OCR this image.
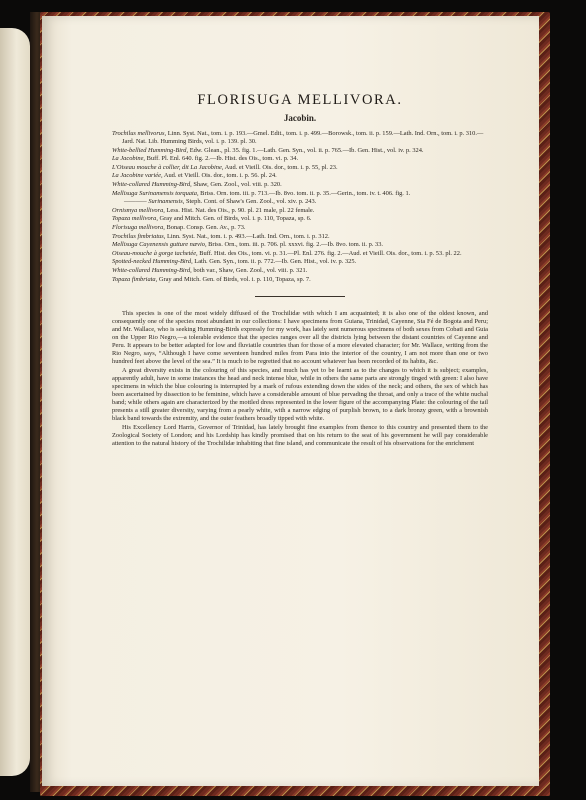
FLORISUGA MELLIVORA.
Jacobin.
Trochilus mellivorus, Linn. Syst. Nat., tom. i. p. 193.—Gmel. Edit., tom. i. p. 499.—Borowsk., tom. ii. p. 159.—Lath. Ind. Orn., tom. i. p. 310.—Jard. Nat. Lib. Humming Birds, vol. i. p. 139. pl. 30.
White-bellied Humming-Bird, Edw. Glean., pl. 35. fig. 1.—Lath. Gen. Syn., vol. ii. p. 765.—Ib. Gen. Hist., vol. iv. p. 324.
La Jacobine, Buff. Pl. Enl. 640. fig. 2.—Ib. Hist. des Ois., tom. vi. p. 34.
L'Oiseau mouche à collier, dit La Jacobine, Aud. et Vieill. Ois. dor., tom. i. p. 55, pl. 23.
La Jacobine variée, Aud. et Vieill. Ois. dor., tom. i. p. 56. pl. 24.
White-collared Humming-Bird, Shaw, Gen. Zool., vol. viii. p. 320.
Mellisuga Surinamensis torquata, Briss. Orn. tom. iii. p. 713.—Ib. 8vo. tom. ii. p. 35.—Gerin., tom. iv. t. 406. fig. 1.
———— Surinamensis, Steph. Cont. of Shaw's Gen. Zool., vol. xiv. p. 243.
Ornismya mellivora, Less. Hist. Nat. des Ois., p. 90. pl. 21 male, pl. 22 female.
Topaza mellivora, Gray and Mitch. Gen. of Birds, vol. i. p. 110, Topaza, sp. 6.
Florisuga mellivora, Bonap. Consp. Gen. Av., p. 73.
Trochilus fimbriatus, Linn. Syst. Nat., tom. i. p. 493.—Lath. Ind. Orn., tom. i. p. 312.
Mellisuga Cayenensis gutture nævio, Briss. Orn., tom. iii. p. 706. pl. xxxvi. fig. 2.—Ib. 8vo. tom. ii. p. 33.
Oiseau-mouche à gorge tachetée, Buff. Hist. des Ois., tom. vi. p. 31.—Pl. Enl. 276. fig. 2.—Aud. et Vieill. Ois. dor., tom. i. p. 53. pl. 22.
Spotted-necked Humming-Bird, Lath. Gen. Syn., tom. ii. p. 772.—Ib. Gen. Hist., vol. iv. p. 325.
White-collared Humming-Bird, both var., Shaw, Gen. Zool., vol. viii. p. 321.
Topaza fimbriata, Gray and Mitch. Gen. of Birds, vol. i. p. 110, Topaza, sp. 7.

This species is one of the most widely diffused of the Trochilidæ with which I am acquainted; it is also one of the oldest known, and consequently one of the species most abundant in our collections: I have specimens from Guiana, Trinidad, Cayenne, Sta Fé de Bogota and Peru; and Mr. Wallace, who is seeking Humming-Birds expressly for my work, has lately sent numerous specimens of both sexes from Cobati and Guia on the Upper Rio Negro,—a tolerable evidence that the species ranges over all the districts lying between the distant countries of Cayenne and Peru. It appears to be better adapted for low and fluviatile countries than for those of a more elevated character; for Mr. Wallace, writing from the Rio Negro, says, “Although I have come seventeen hundred miles from Para into the interior of the country, I am not more than one or two hundred feet above the level of the sea.” It is much to be regretted that no account whatever has been recorded of its habits, &c.

A great diversity exists in the colouring of this species, and much has yet to be learnt as to the changes to which it is subject; examples, apparently adult, have in some instances the head and neck intense blue, while in others the same parts are strongly tinged with green: I also have specimens in which the blue colouring is interrupted by a mark of rufous extending down the sides of the neck; and others, the sex of which has been ascertained by dissection to be feminine, which have a considerable amount of blue pervading the throat, and only a trace of the white nuchal band; while others again are characterized by the mottled dress represented in the lower figure of the accompanying Plate: the colouring of the tail presents a still greater diversity, varying from a pearly white, with a narrow edging of purplish brown, to a dark bronzy green, with a brownish black band towards the extremity, and the outer feathers broadly tipped with white.

His Excellency Lord Harris, Governor of Trinidad, has lately brought fine examples from thence to this country and presented them to the Zoological Society of London; and his Lordship has kindly promised that on his return to the seat of his government he will pay considerable attention to the natural history of the Trochilidæ inhabiting that fine island, and communicate the result of his observations for the enrichment
